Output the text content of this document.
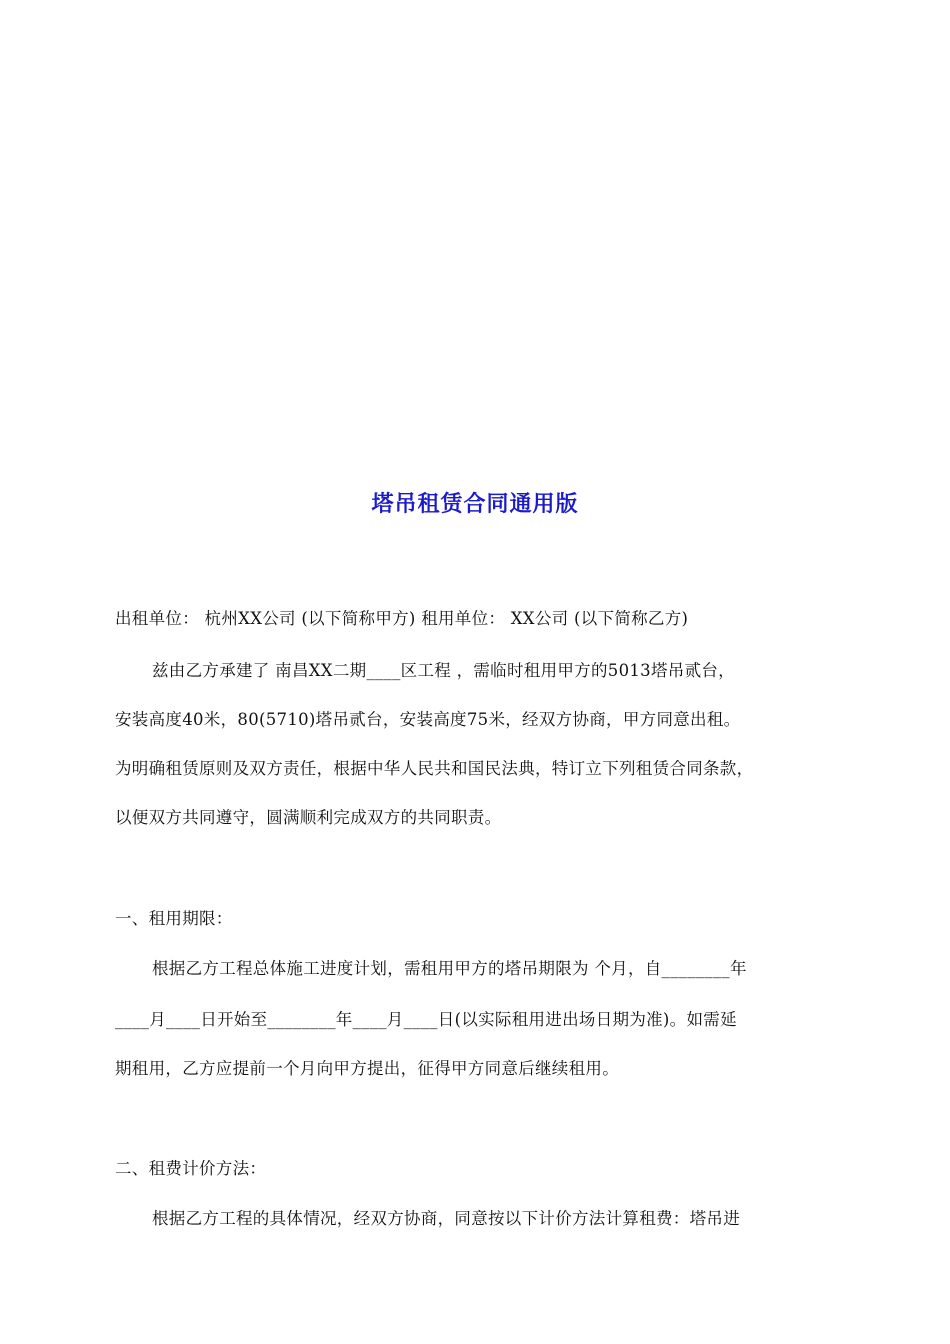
塔吊租赁合同通用版
出租单位： 杭州XX公司 (以下简称甲方) 租用单位： XX公司 (以下简称乙方)
兹由乙方承建了 南昌XX二期____区工程 ，需临时租用甲方的5013塔吊贰台，
安装高度40米，80(5710)塔吊贰台，安装高度75米，经双方协商，甲方同意出租。
为明确租赁原则及双方责任，根据中华人民共和国民法典，特订立下列租赁合同条款，
以便双方共同遵守，圆满顺利完成双方的共同职责。
一、租用期限：
根据乙方工程总体施工进度计划，需租用甲方的塔吊期限为 个月，自________年
____月____日开始至________年____月____日(以实际租用进出场日期为准)。如需延
期租用，乙方应提前一个月向甲方提出，征得甲方同意后继续租用。
二、租费计价方法：
根据乙方工程的具体情况，经双方协商，同意按以下计价方法计算租费：塔吊进
